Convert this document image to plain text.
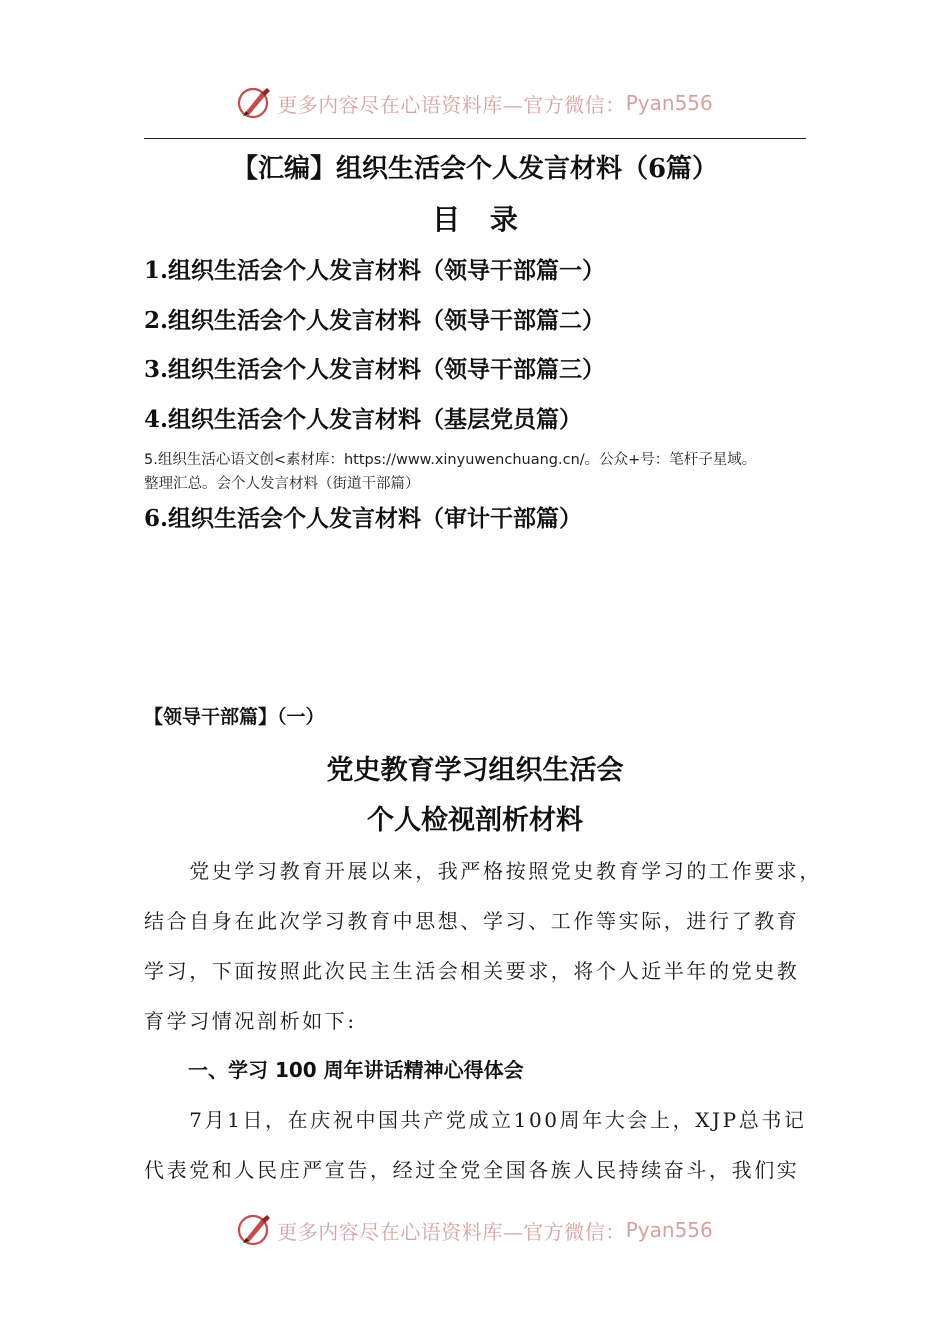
更多内容尽在心语资料库—官方微信： Pyan556
【汇编】组织生活会个人发言材料（6篇）
目 录
1.组织生活会个人发言材料（领导干部篇一）
2.组织生活会个人发言材料（领导干部篇二）
3.组织生活会个人发言材料（领导干部篇三）
4.组织生活会个人发言材料（基层党员篇）
5.组织生活心语文创<素材库：https://www.xinyuwenchuang.cn/。公众+号：笔杆子星域。
整理汇总。会个人发言材料（街道干部篇）
6.组织生活会个人发言材料（审计干部篇）
【领导干部篇】（一）
党史教育学习组织生活会
个人检视剖析材料
　　党史学习教育开展以来，我严格按照党史教育学习的工作要求，
结合自身在此次学习教育中思想、学习、工作等实际，进行了教育
学习，下面按照此次民主生活会相关要求，将个人近半年的党史教
育学习情况剖析如下:
一、学习 100 周年讲话精神心得体会
　　7月1日，在庆祝中国共产党成立100周年大会上，XJP总书记
代表党和人民庄严宣告，经过全党全国各族人民持续奋斗，我们实
更多内容尽在心语资料库—官方微信： Pyan556
